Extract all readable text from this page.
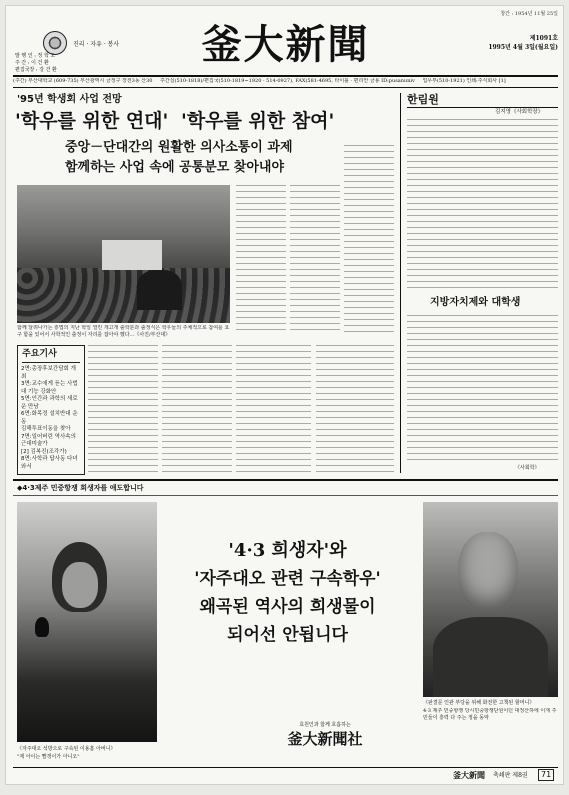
창간 : 1954년 11월 25일
진리 · 자유 · 봉사	釜大新聞	제1091호
1995년 4월 3일(월요일)
발 행 인 : 정 학 오
주 간 : 이 건 환
편집국장 : 강 건 환
(주간) 부산대학교 (609-735) 부산광역시 금정구 장전3동 산30 주간실(510-1818)/편집국(510-1819~1920 · 514-0927), FAX(581-4695, 타이틀 · 편리안 금용 ID:pusanuniv 업무부(510-1921) 인쇄:주식회사 [1]
'95년 학생회 사업 전망
'학우를 위한 연대' '학우를 위한 참여'
중앙－단대간의 원활한 의사소통이 과제
함께하는 사업 속에 공통분모 찾아내야
함께 달려나가는 흥법의 지난 학일 열린 개고개 출학분과 출정식은 학우들의 주체적으로 참여를 요구 함을 있어서 사학적인 출정이 자리를 잡아야 했다...《사진/부산대》
주요기사
2면:총장후보간담회 개최
3면:교수에게 듣는 사법대 기능 강화안
5면:인간과 과학의 새로운 만남
6면:화목정 설치반대 운동
김해투표이동을 찾아
7면:일어버린 역사속의 근대미술가
[2] 김복진(조각가)
8면:사학과 답사동 다녀와서
한림원
김지영《사회학장》
지방자치제와 대학생
《사회학》
◆4·3제주 민중항쟁 희생자를 애도합니다
《자주대오 석방으로 구속된 이용흠 아버니》
"제 아이는 빨갱이가 아니오"
'4·3 희생자'와
'자주대오 관련 구속학우'
왜곡된 역사의 희생물이
되어선 안됩니다
효원인과 함께 호흡하는
釜大新聞社
《판결문 인관 부당을 위해 화전한 고책된 할머니》
4·3 제주 민중항쟁 당시민중항쟁단원이던 대정산하에 이재 주민들이 흥력 다 주는 정을 동악
釜大新聞 축쇄판 제8권	71
